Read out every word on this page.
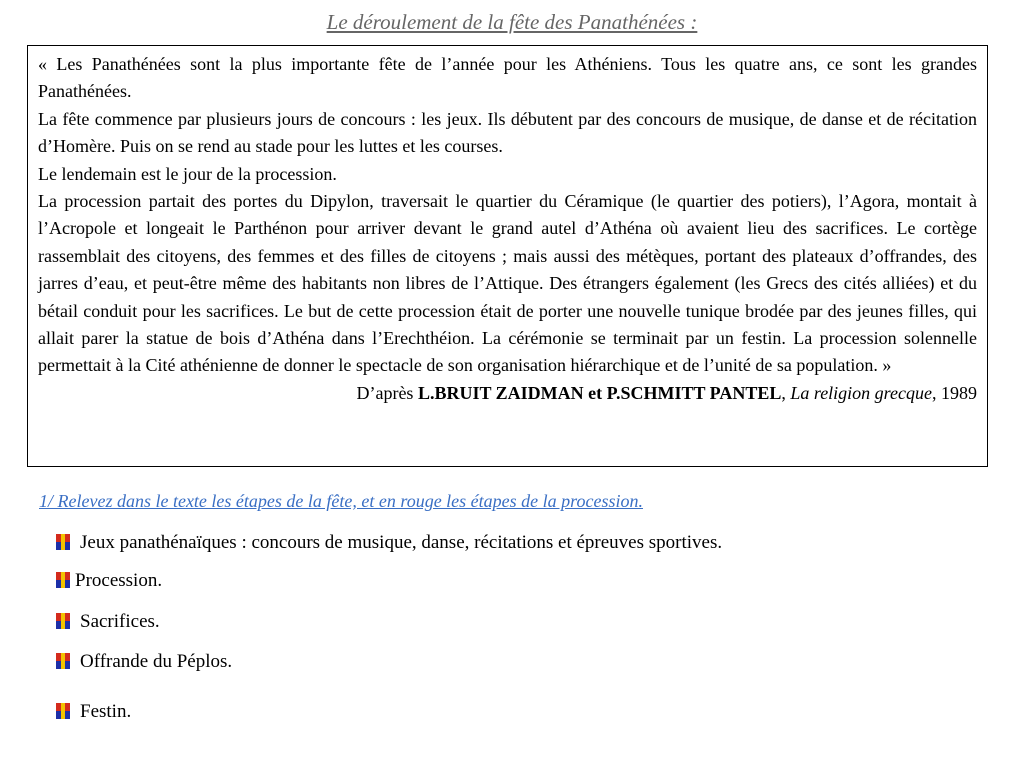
Le déroulement de la fête des Panathénées :

« Les Panathénées sont la plus importante fête de l’année pour les Athéniens. Tous les quatre ans, ce sont les grandes Panathénées.

La fête commence par plusieurs jours de concours : les jeux. Ils débutent par des concours de musique, de danse et de récitation d’Homère. Puis on se rend au stade pour les luttes et les courses.

Le lendemain est le jour de la procession.

La procession partait des portes du Dipylon, traversait le quartier du Céramique (le quartier des potiers), l’Agora, montait à l’Acropole et longeait le Parthénon pour arriver devant le grand autel d’Athéna où avaient lieu des sacrifices. Le cortège rassemblait des citoyens, des femmes et des filles de citoyens ; mais aussi des métèques, portant des plateaux d’offrandes, des jarres d’eau, et peut-être même des habitants non libres de l’Attique. Des étrangers également (les Grecs des cités alliées) et du bétail conduit pour les sacrifices. Le but de cette procession était de porter une nouvelle tunique brodée par des jeunes filles, qui allait parer la statue de bois d’Athéna dans l’Erechthéion. La cérémonie se terminait par un festin. La procession solennelle permettait à la Cité athénienne de donner le spectacle de son organisation hiérarchique et de l’unité de sa population. »

D’après L.BRUIT ZAIDMAN et P.SCHMITT PANTEL, La religion grecque, 1989

1/ Relevez dans le texte les étapes de la fête, et en rouge les étapes de la procession.
Jeux panathénaïques : concours de musique, danse, récitations et épreuves sportives.
Procession.
Sacrifices.
Offrande du Péplos.
Festin.
